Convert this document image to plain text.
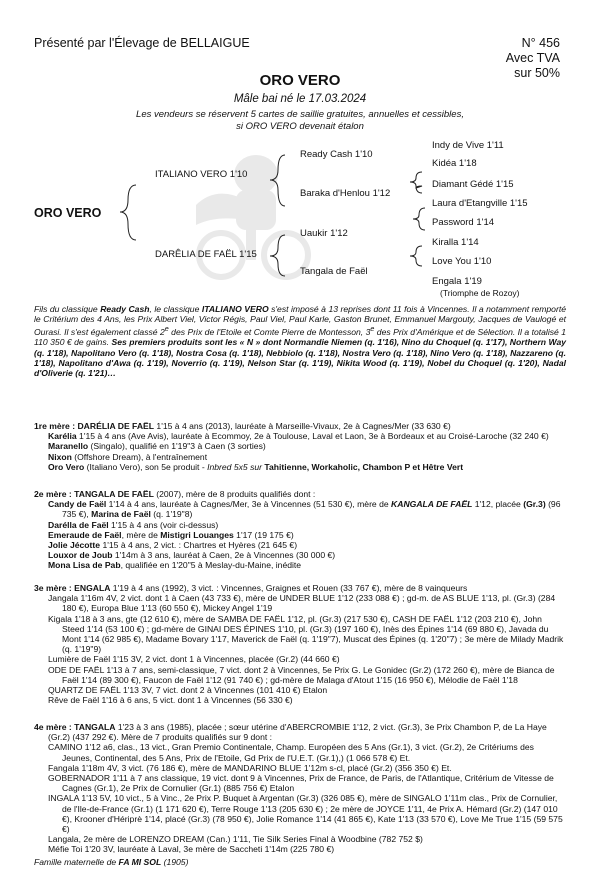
Présenté par l'Élevage de BELLAIGUE	N° 456
Avec TVA
sur 50%
ORO VERO
Mâle bai né le 17.03.2024
Les vendeurs se réservent 5 cartes de saillie gratuites, annuelles et cessibles,
si ORO VERO devenait étalon
ORO VERO
ITALIANO VERO 1'10
DARÊLIA DE FAËL 1'15
Ready Cash 1'10
Baraka d'Henlou 1'12
Uaukir 1'12
Tangala de Faël
Indy de Vive 1'11
Kidéa 1'18
Diamant Gédé 1'15
Laura d'Etangville 1'15
Password 1'14
Kiralla 1'14
Love You 1'10
Engala 1'19
(Triomphe de Rozoy)
Fils du classique Ready Cash, le classique ITALIANO VERO s'est imposé à 13 reprises dont 11 fois à Vincennes. Il a notamment remporté le Critérium des 4 Ans, les Prix Albert Viel, Victor Régis, Paul Viel, Paul Karle, Gaston Brunet, Emmanuel Margouty, Jacques de Vaulogé et Ourasi. Il s'est également classé 2e des Prix de l'Etoile et Comte Pierre de Montesson, 3e des Prix d'Amérique et de Sélection. Il a totalisé 1 110 350 € de gains. Ses premiers produits sont les « N » dont Normandie Niemen (q. 1'16), Nino du Choquel (q. 1'17), Northern Way (q. 1'18), Napolitano Vero (q. 1'18), Nostra Cosa (q. 1'18), Nebbiolo (q. 1'18), Nostra Vero (q. 1'18), Nino Vero (q. 1'18), Nazzareno (q. 1'18), Napolitano d'Awa (q. 1'19), Noverrio (q. 1'19), Nelson Star (q. 1'19), Nikita Wood (q. 1'19), Nobel du Choquel (q. 1'20), Nadal d'Oliverie (q. 1'21)…

1re mère : DARÉLIA DE FAËL 1'15 à 4 ans (2013), lauréate à Marseille-Vivaux, 2e à Cagnes/Mer (33 630 €)

Karélia 1'15 à 4 ans (Ave Avis), lauréate à Ecommoy, 2e à Toulouse, Laval et Laon, 3e à Bordeaux et au Croisé-Laroche (32 240 €)

Maranello (Singalo), qualifié en 1'19"3 à Caen (3 sorties)

Nixon (Offshore Dream), à l'entraînement

Oro Vero (Italiano Vero), son 5e produit - Inbred 5x5 sur Tahitienne, Workaholic, Chambon P et Hêtre Vert

2e mère : TANGALA DE FAËL (2007), mère de 8 produits qualifiés dont :

Candy de Faël 1'14 à 4 ans, lauréate à Cagnes/Mer, 3e à Vincennes (51 530 €), mère de KANGALA DE FAËL 1'12, placée (Gr.3) (96 735 €), Marina de Faël (q. 1'19"8)

Darélla de Faël 1'15 à 4 ans (voir ci-dessus)

Emeraude de Faël, mère de Mistigri Louanges 1'17 (19 175 €)

Jolie Jécotte 1'15 à 4 ans, 2 vict. : Chartres et Hyères (21 645 €)

Louxor de Joub 1'14m à 3 ans, lauréat à Caen, 2e à Vincennes (30 000 €)

Mona Lisa de Pab, qualifiée en 1'20"5 à Meslay-du-Maine, inédite

3e mère : ENGALA 1'19 à 4 ans (1992), 3 vict. : Vincennes, Graignes et Rouen (33 767 €), mère de 8 vainqueurs

Jangala 1'16m 4V, 2 vict. dont 1 à Caen (43 733 €), mère de UNDER BLUE 1'12 (233 088 €) ; gd-m. de AS BLUE 1'13, pl. (Gr.3) (284 180 €), Europa Blue 1'13 (60 550 €), Mickey Angel 1'19

Kigala 1'18 à 3 ans, gte (12 610 €), mère de SAMBA DE FAËL 1'12, pl. (Gr.3) (217 530 €), CASH DE FAËL 1'12 (203 210 €), John Steed 1'14 (53 100 €) ; gd-mère de GINAI DES ÉPINES 1'10, pl. (Gr.3) (197 160 €), Inès des Épines 1'14 (69 880 €), Javada du Mont 1'14 (62 985 €), Madame Bovary 1'17, Maverick de Faël (q. 1'19"7), Muscat des Épines (q. 1'20"7) ; 3e mère de Milady Madrik (q. 1'19"9)

Lumière de Faël 1'15 3V, 2 vict. dont 1 à Vincennes, placée (Gr.2) (44 660 €)

ODE DE FAËL 1'13 à 7 ans, semi-classique, 7 vict. dont 2 à Vincennes, 5e Prix G. Le Gonidec (Gr.2) (172 260 €), mère de Bianca de Faël 1'14 (89 300 €), Faucon de Faël 1'12 (91 740 €) ; gd-mère de Malaga d'Atout 1'15 (16 950 €), Mélodie de Faël 1'18

QUARTZ DE FAËL 1'13 3V, 7 vict. dont 2 à Vincennes (101 410 €) Etalon

Rêve de Faël 1'16 à 6 ans, 5 vict. dont 1 à Vincennes (56 330 €)

4e mère : TANGALA 1'23 à 3 ans (1985), placée ; sœur utérine d'ABERCROMBIE 1'12, 2 vict. (Gr.3), 3e Prix Chambon P, de La Haye (Gr.2) (437 292 €). Mère de 7 produits qualifiés sur 9 dont :

CAMINO 1'12 a6, clas., 13 vict., Gran Premio Continentale, Champ. Européen des 5 Ans (Gr.1), 3 vict. (Gr.2), 2e Critériums des Jeunes, Continental, des 5 Ans, Prix de l'Etoile, Gd Prix de l'U.E.T. (Gr.1),) (1 066 578 €) Et.

Fangala 1'18m 4V, 3 vict. (76 186 €), mère de MANDARINO BLUE 1'12m s-cl, placé (Gr.2) (356 350 €) Et.

GOBERNADOR 1'11 à 7 ans classique, 19 vict. dont 9 à Vincennes, Prix de France, de Paris, de l'Atlantique, Critérium de Vitesse de Cagnes (Gr.1), 2e Prix de Cornulier (Gr.1) (885 756 €) Etalon

INGALA 1'13 5V, 10 vict., 5 à Vinc., 2e Prix P. Buquet à Argentan (Gr.3) (326 085 €), mère de SINGALO 1'11m clas., Prix de Cornulier, de l'Ile-de-France (Gr.1) (1 171 620 €), Terre Rouge 1'13 (205 630 €) ; 2e mère de JOYCE 1'11, 4e Prix A. Hémard (Gr.2) (147 010 €), Krooner d'Hériprè 1'14, placé (Gr.3) (78 950 €), Jolie Romance 1'14 (41 865 €), Kate 1'13 (33 570 €), Love Me True 1'15 (59 575 €)

Langala, 2e mère de LORENZO DREAM (Can.) 1'11, Tie Silk Series Final à Woodbine (782 752 $)

Méfie Toi 1'20 3V, lauréate à Laval, 3e mère de Saccheti 1'14m (225 780 €)

Famille maternelle de FA MI SOL (1905)
